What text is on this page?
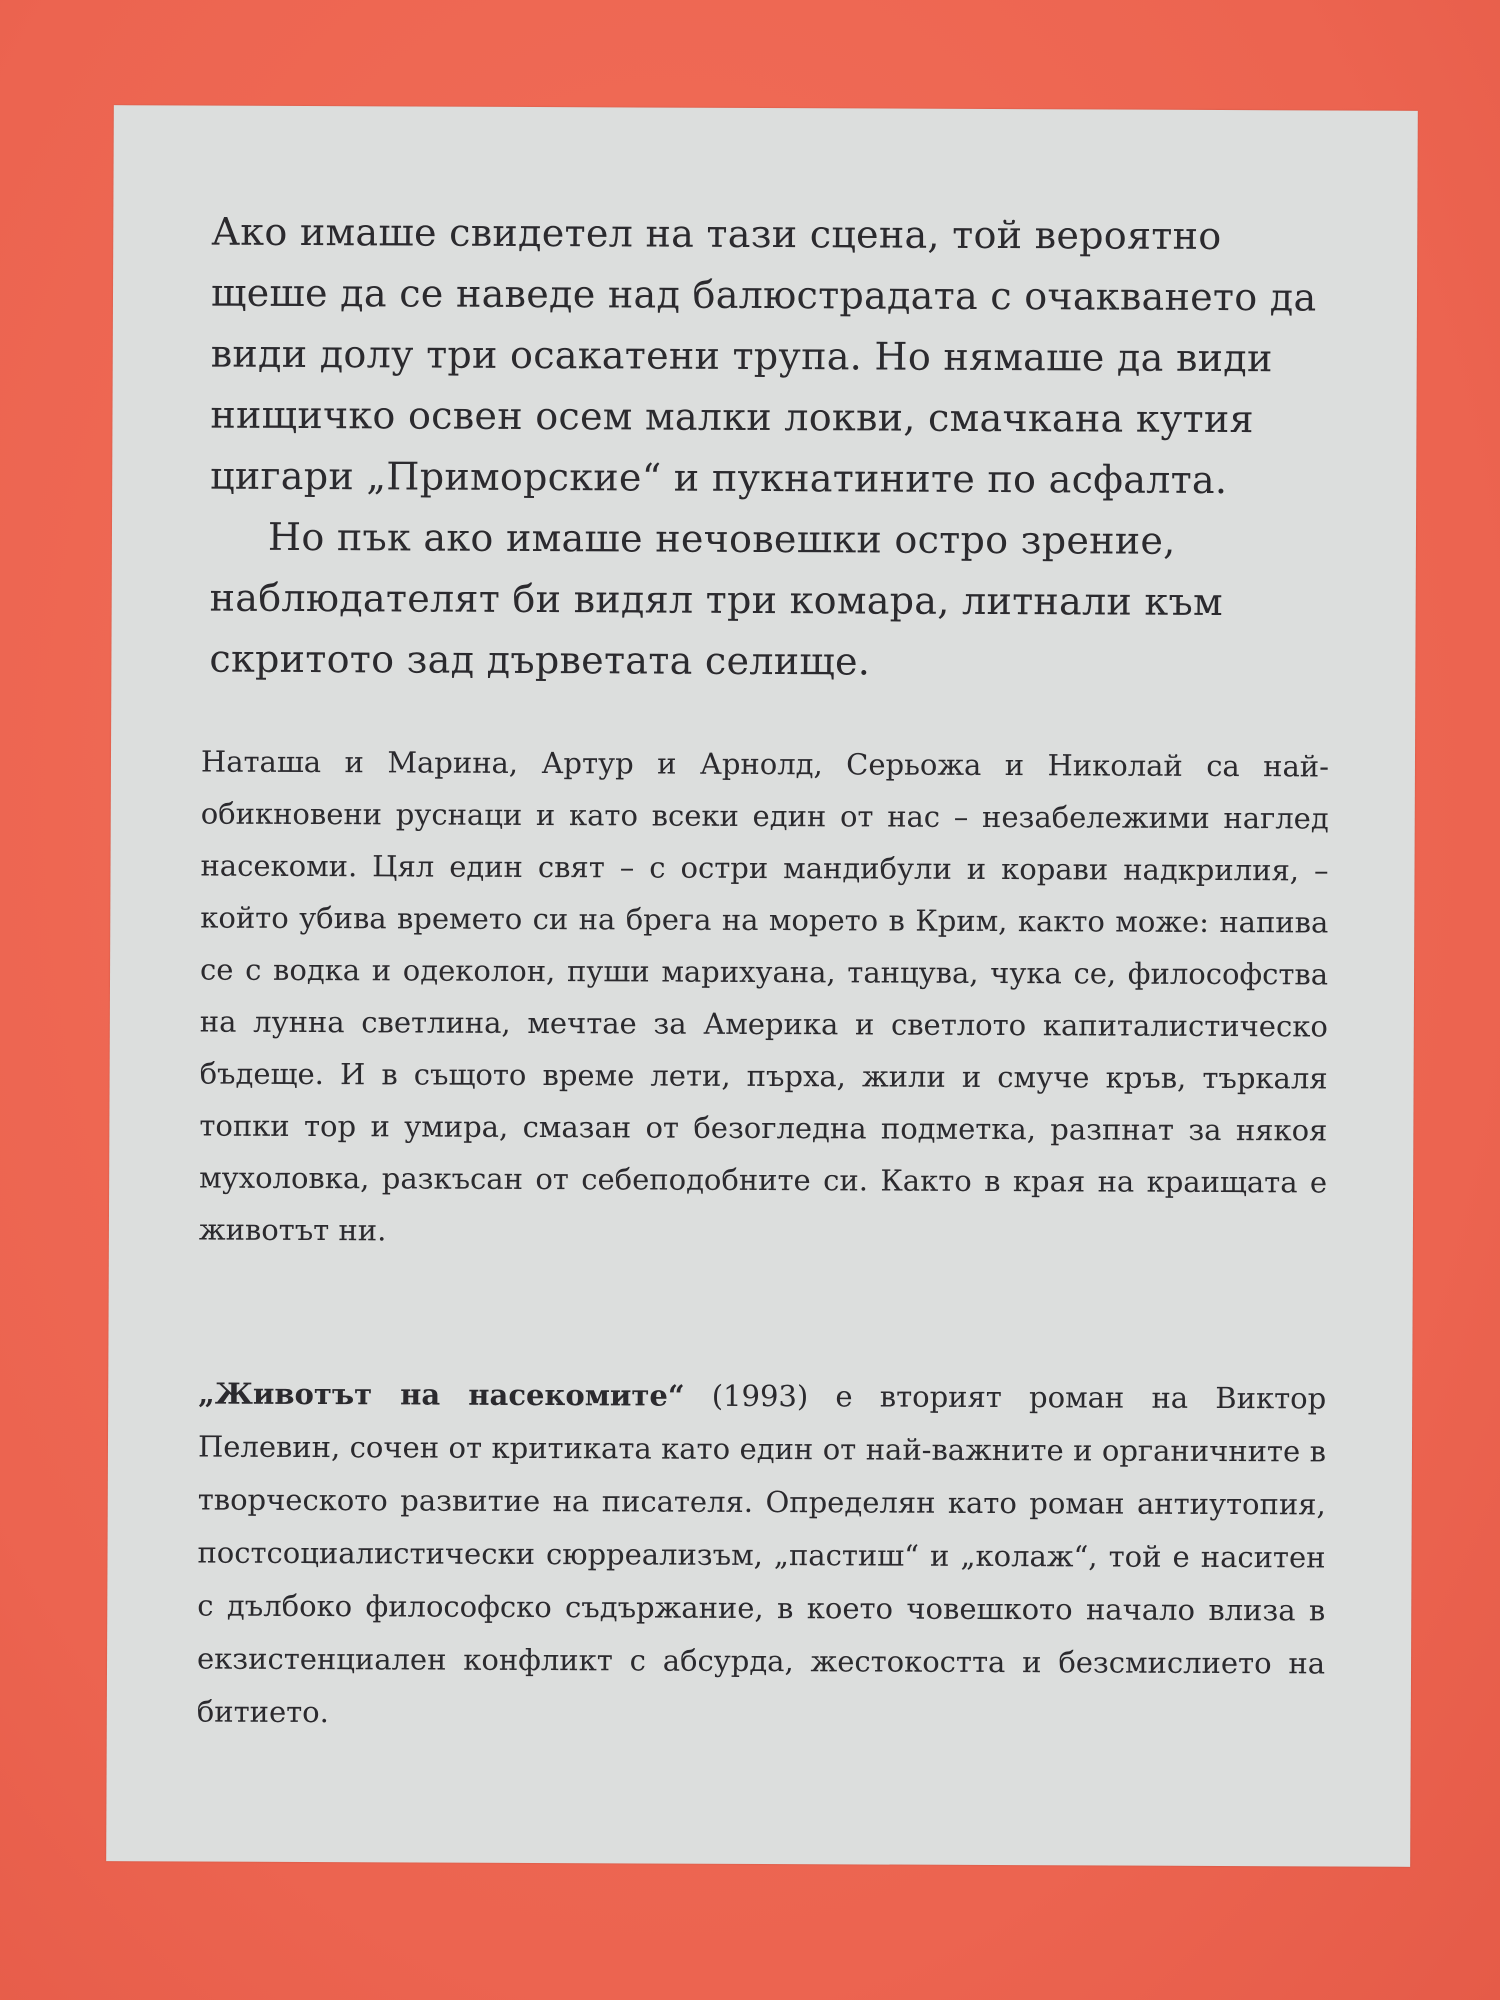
Ако имаше свидетел на тази сцена, той вероятно щеше да се наведе над балюстрадата с очакването да види долу три осакатени трупа. Но нямаше да види нищичко освен осем малки локви, смачкана кутия цигари „Приморские“ и пукнатините по асфалта.

Но пък ако имаше нечовешки остро зрение, наблюдателят би видял три комара, литнали към скритото зад дърветата селище.

Наташа и Марина, Артур и Арнолд, Серьожа и Николай са най-обикновени руснаци и като всеки един от нас – незабележими наглед насекоми. Цял един свят – с остри мандибули и корави надкрилия, – който убива времето си на брега на морето в Крим, както може: напива се с водка и одеколон, пуши марихуана, танцува, чука се, философства на лунна светлина, мечтае за Америка и светлото капиталистическо бъдеще. И в същото време лети, пърха, жили и смуче кръв, търкаля топки тор и умира, смазан от безогледна подметка, разпнат за някоя мухоловка, разкъсан от себеподобните си. Както в края на краищата е животът ни.

„Животът на насекомите“ (1993) е вторият роман на Виктор Пелевин, сочен от критиката като един от най-важните и органичните в творческото развитие на писателя. Определян като роман антиутопия, постсоциалистически сюрреализъм, „пастиш“ и „колаж“, той е наситен с дълбоко философско съдържание, в което човешкото начало влиза в екзистенциален конфликт с абсурда, жестокостта и безсмислието на битието.
